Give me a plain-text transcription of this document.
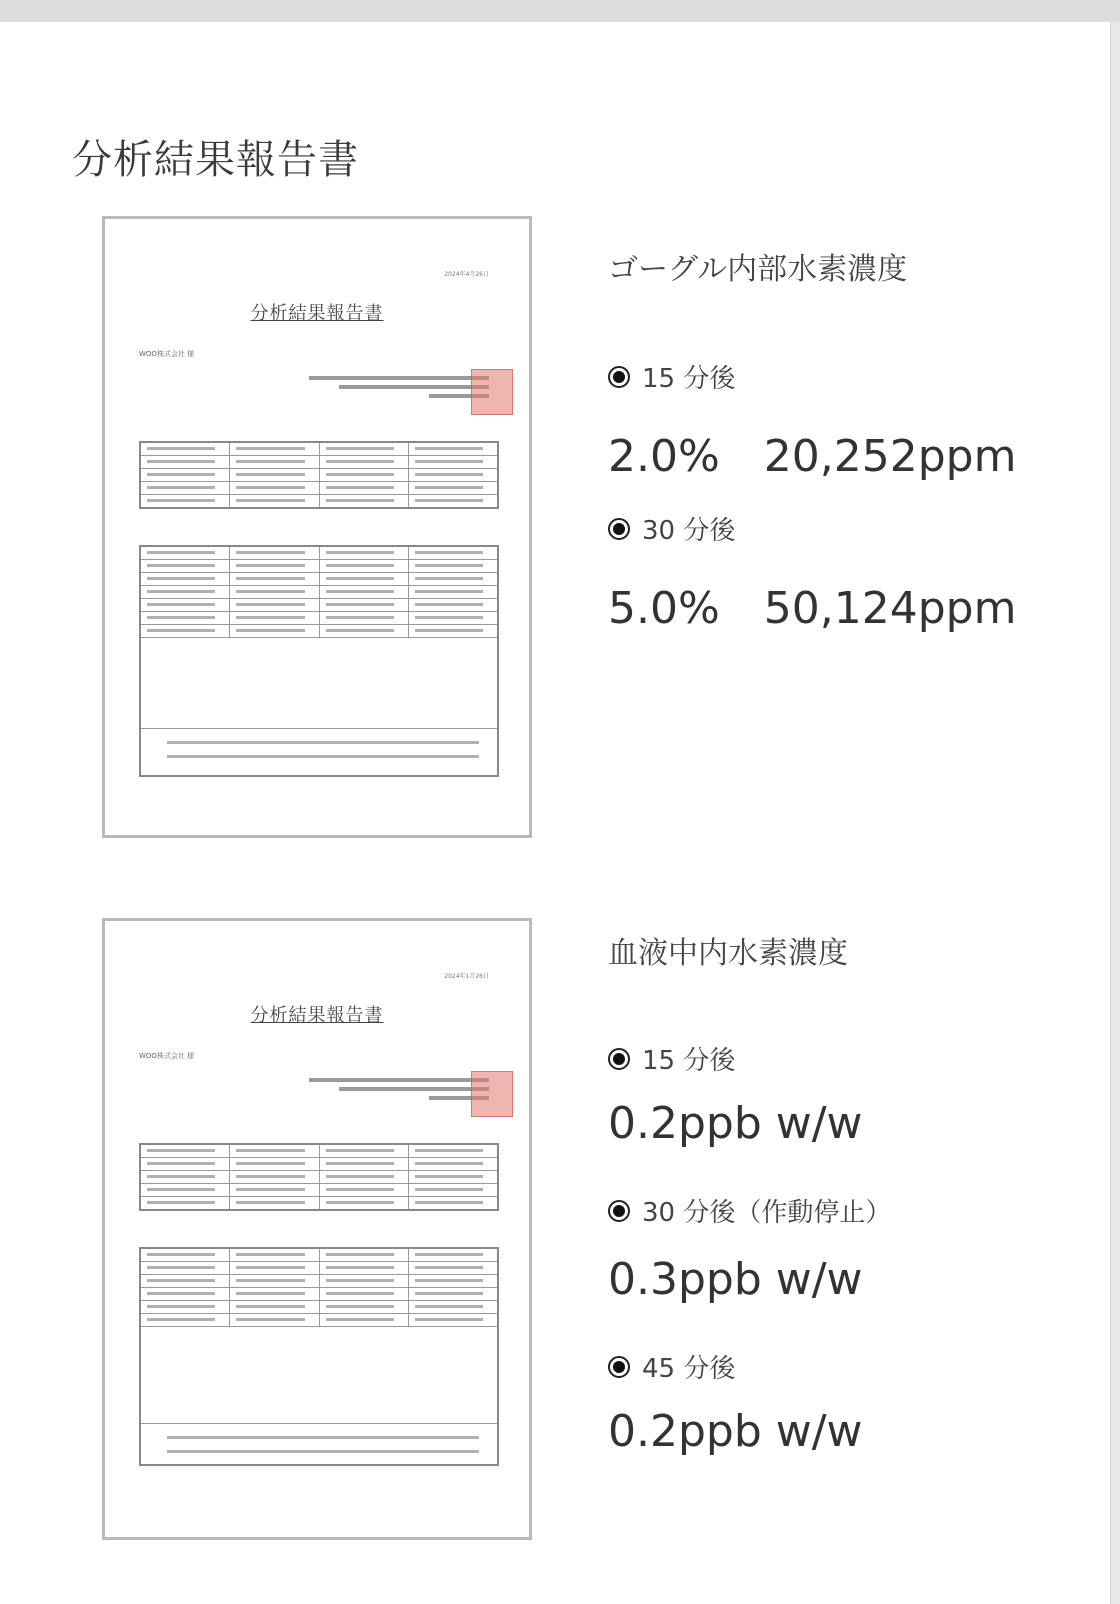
分析結果報告書
2024年4月26日
分析結果報告書
WOO株式会社 様
2024年1月26日
分析結果報告書
WOO株式会社 様
ゴーグル内部水素濃度
15 分後
2.0%　20,252ppm
30 分後
5.0%　50,124ppm
血液中内水素濃度
15 分後
0.2ppb w/w
30 分後（作動停止）
0.3ppb w/w
45 分後
0.2ppb w/w
